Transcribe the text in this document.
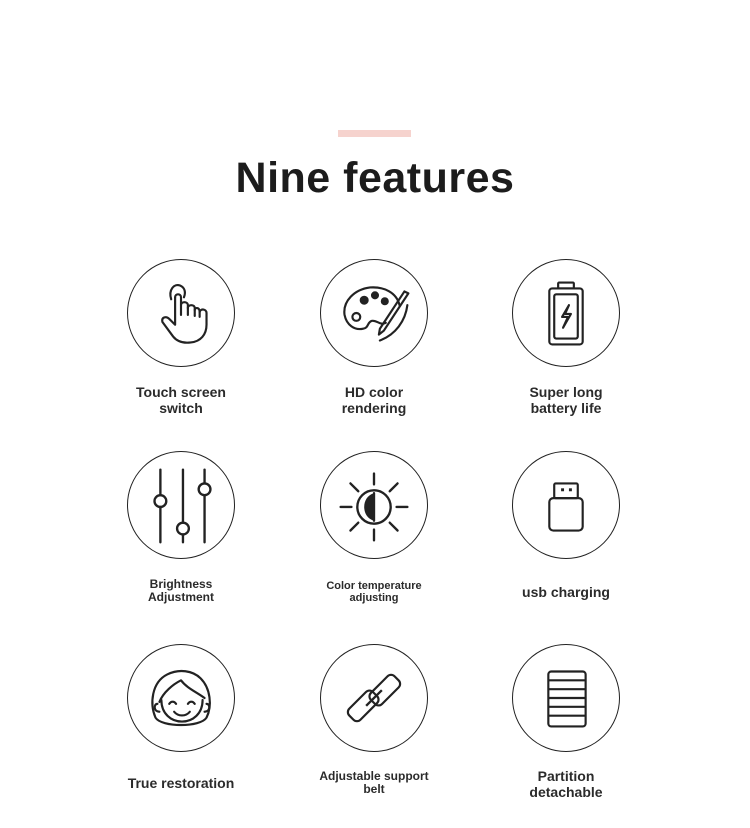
Nine features
Touch screen
switch
HD color
rendering
Super long
battery life
Brightness
Adjustment
Color temperature
adjusting	usb charging
True restoration	Adjustable support
belt
Partition
detachable
